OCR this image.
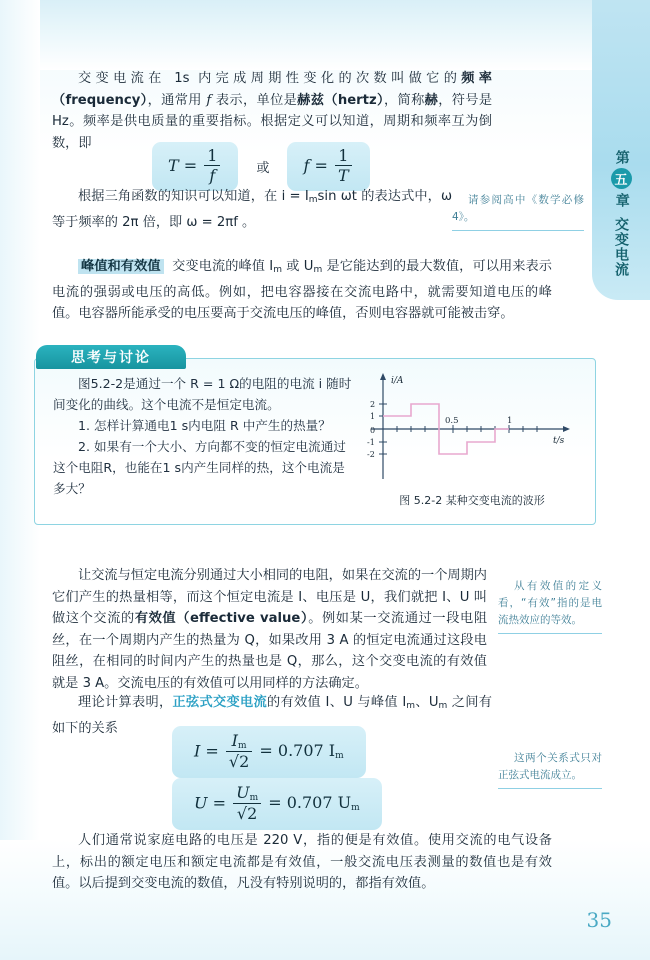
第
五
章
交变电流

交变电流在 1s 内完成周期性变化的次数叫做它的频率（frequency），通常用 f 表示，单位是赫兹（hertz），简称赫，符号是 Hz。频率是供电质量的重要指标。根据定义可以知道，周期和频率互为倒数，即

$T = \frac{1}{f}$	或	$f = \frac{1}{T}$

根据三角函数的知识可以知道，在 $i = I_m\sin$ ωt 的表达式中，ω 等于频率的 2π 倍，即 ω = 2πf 。

请参阅高中《数学必修4》。

峰值和有效值 交变电流的峰值 $I_m$ 或 $U_m$ 是它能达到的最大数值，可以用来表示电流的强弱或电压的高低。例如，把电容器接在交流电路中，就需要知道电压的峰值。电容器所能承受的电压要高于交流电压的峰值，否则电容器就可能被击穿。

图5.2-2是通过一个 R = 1 Ω的电阻的电流 i 随时间变化的曲线。这个电流不是恒定电流。

1. 怎样计算通电1 s内电阻 R 中产生的热量？

2. 如果有一个大小、方向都不变的恒定电流通过这个电阻R，也能在1 s内产生同样的热，这个电流是多大？

i/A
t/s
2
1
0
-1
-2
0.5	1
图 5.2-2 某种交变电流的波形
思考与讨论

让交流与恒定电流分别通过大小相同的电阻，如果在交流的一个周期内它们产生的热量相等，而这个恒定电流是 I、电压是 U，我们就把 I、U 叫做这个交流的有效值（effective value）。例如某一交流通过一段电阻丝，在一个周期内产生的热量为 Q，如果改用 3 A 的恒定电流通过这段电阻丝，在相同的时间内产生的热量也是 Q，那么，这个交变电流的有效值就是 3 A。交流电压的有效值可以用同样的方法确定。

从有效值的定义看，“有效”指的是电流热效应的等效。

理论计算表明，正弦式交变电流的有效值 I、U 与峰值 $I_m$、$U_m$ 之间有如下的关系

$I = \frac{I_m}{√2} = 0.707$ $I_m$
$U = \frac{U_m}{√2} = 0.707$ $U_m$
这两个关系式只对正弦式电流成立。

人们通常说家庭电路的电压是 220 V，指的便是有效值。使用交流的电气设备上，标出的额定电压和额定电流都是有效值，一般交流电压表测量的数值也是有效值。以后提到交变电流的数值，凡没有特别说明的，都指有效值。

35
